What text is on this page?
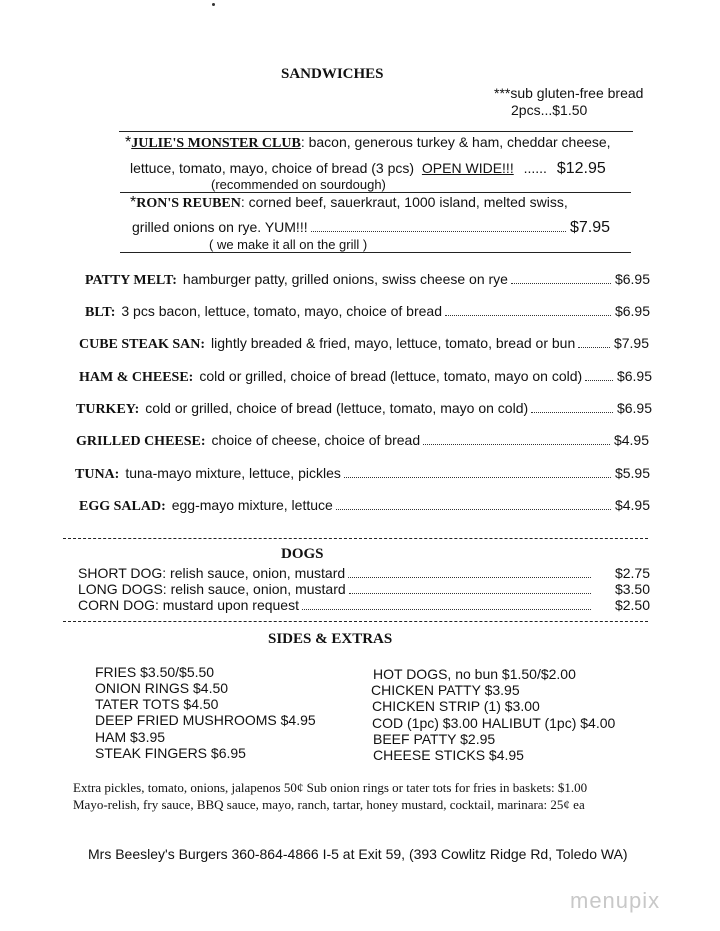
SANDWICHES
***sub gluten-free bread
2pcs...$1.50
*JULIE'S MONSTER CLUB: bacon, generous turkey & ham, cheddar cheese,
lettuce, tomato, mayo, choice of bread (3 pcs) OPEN WIDE!!! ...... $12.95
(recommended on sourdough)
*RON'S REUBEN: corned beef, sauerkraut, 1000 island, melted swiss,
grilled onions on rye. YUM!!!	$7.95
( we make it all on the grill )
PATTY MELT: hamburger patty, grilled onions, swiss cheese on rye	$6.95
BLT: 3 pcs bacon, lettuce, tomato, mayo, choice of bread	$6.95
CUBE STEAK SAN: lightly breaded & fried, mayo, lettuce, tomato, bread or bun	$7.95
HAM & CHEESE: cold or grilled, choice of bread (lettuce, tomato, mayo on cold) $6.95
TURKEY: cold or grilled, choice of bread (lettuce, tomato, mayo on cold)	$6.95
GRILLED CHEESE: choice of cheese, choice of bread	$4.95
TUNA: tuna-mayo mixture, lettuce, pickles	$5.95
EGG SALAD: egg-mayo mixture, lettuce	$4.95
DOGS
SHORT DOG: relish sauce, onion, mustard	$2.75
LONG DOGS: relish sauce, onion, mustard	$3.50
CORN DOG: mustard upon request	$2.50
SIDES & EXTRAS
FRIES $3.50/$5.50
ONION RINGS $4.50
TATER TOTS $4.50
DEEP FRIED MUSHROOMS $4.95
HAM $3.95
STEAK FINGERS $6.95
HOT DOGS, no bun $1.50/$2.00
CHICKEN PATTY $3.95
CHICKEN STRIP (1) $3.00
COD (1pc) $3.00 HALIBUT (1pc) $4.00
BEEF PATTY $2.95
CHEESE STICKS $4.95
Extra pickles, tomato, onions, jalapenos 50¢ Sub onion rings or tater tots for fries in baskets: $1.00
Mayo-relish, fry sauce, BBQ sauce, mayo, ranch, tartar, honey mustard, cocktail, marinara: 25¢ ea
Mrs Beesley's Burgers 360-864-4866 I-5 at Exit 59, (393 Cowlitz Ridge Rd, Toledo WA)
menupix
